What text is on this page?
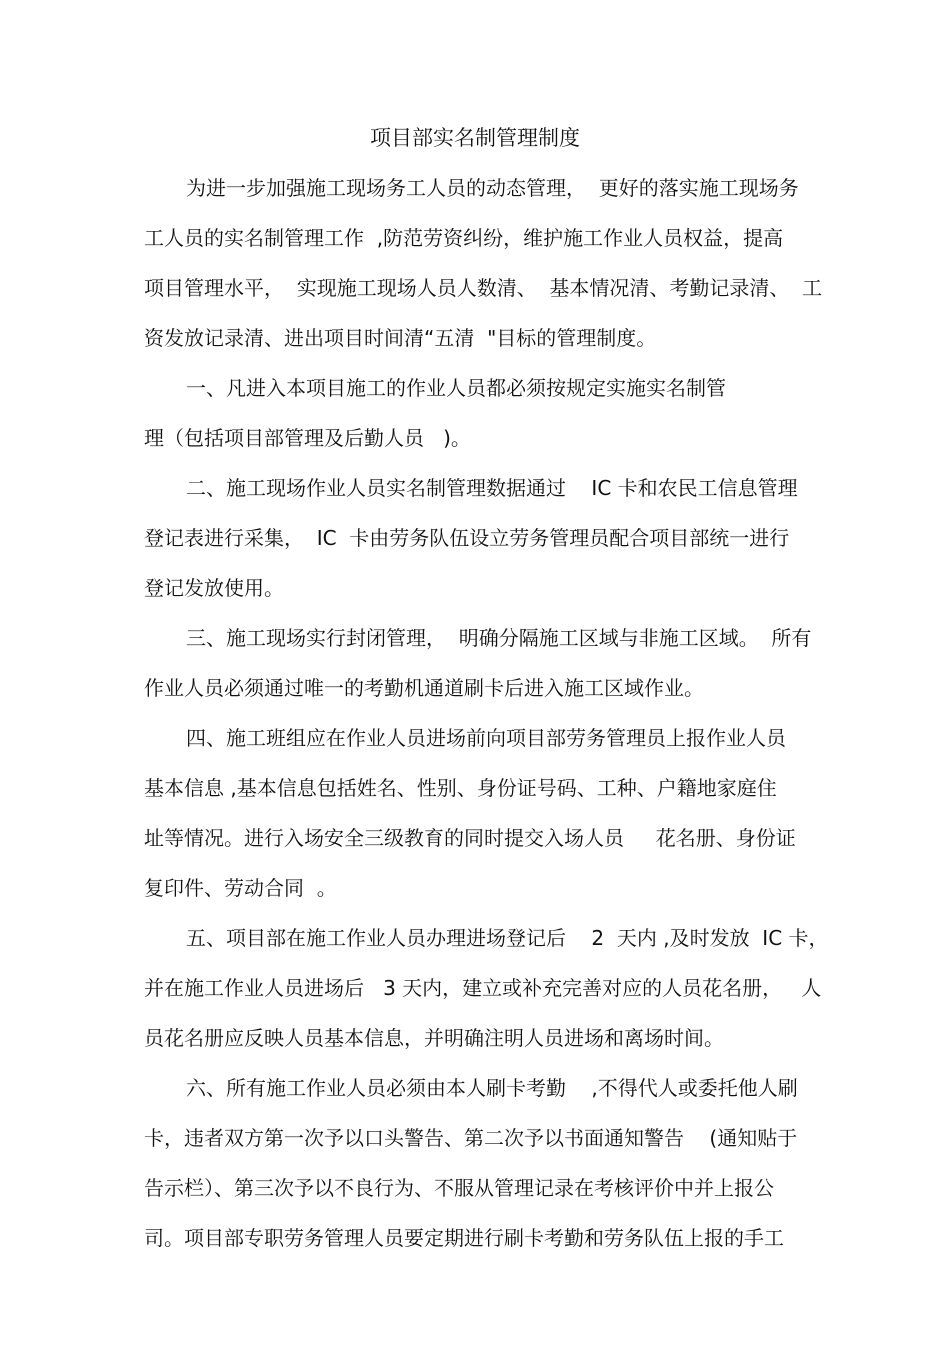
项目部实名制管理制度
为进一步加强施工现场务工人员的动态管理，  更好的落实施工现场务
工人员的实名制管理工作  ,防范劳资纠纷，维护施工作业人员权益，提高
项目管理水平，  实现施工现场人员人数清、  基本情况清、考勤记录清、  工
资发放记录清、进出项目时间清“五清  "目标的管理制度。
一、凡进入本项目施工的作业人员都必须按规定实施实名制管
理（包括项目部管理及后勤人员   )。
二、施工现场作业人员实名制管理数据通过    IC 卡和农民工信息管理
登记表进行采集，  IC  卡由劳务队伍设立劳务管理员配合项目部统一进行
登记发放使用。
三、施工现场实行封闭管理，  明确分隔施工区域与非施工区域。  所有
作业人员必须通过唯一的考勤机通道刷卡后进入施工区域作业。
四、施工班组应在作业人员进场前向项目部劳务管理员上报作业人员
基本信息 ,基本信息包括姓名、性别、身份证号码、工种、户籍地家庭住
址等情况。进行入场安全三级教育的同时提交入场人员     花名册、身份证
复印件、劳动合同  。
五、项目部在施工作业人员办理进场登记后    2  天内 ,及时发放  IC 卡，
并在施工作业人员进场后   3 天内，建立或补充完善对应的人员花名册，   人
员花名册应反映人员基本信息，并明确注明人员进场和离场时间。
六、所有施工作业人员必须由本人刷卡考勤    ,不得代人或委托他人刷
卡，违者双方第一次予以口头警告、第二次予以书面通知警告    (通知贴于
告示栏）、第三次予以不良行为、不服从管理记录在考核评价中并上报公
司。项目部专职劳务管理人员要定期进行刷卡考勤和劳务队伍上报的手工
